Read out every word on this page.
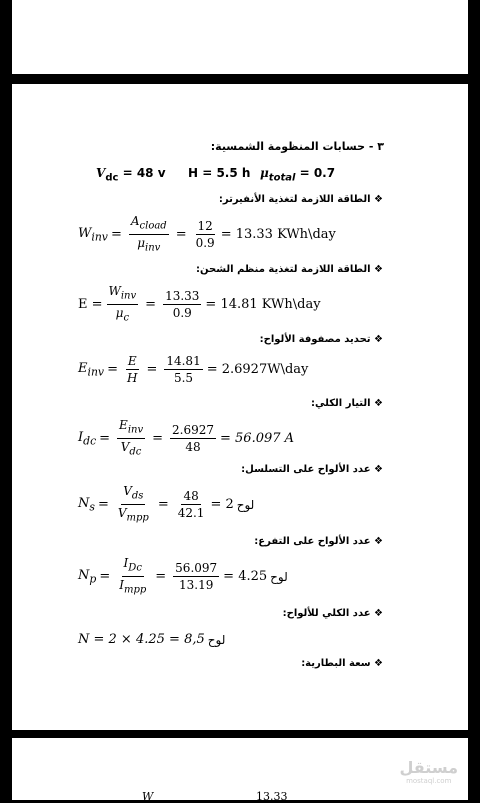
٣ - حسابات المنظومة الشمسية:
$V_{dc} = 48$ v H = 5.5 h $\mu_{total} = 0.7$
❖ الطاقة اللازمة لتغذية الأنفيرتر:
$W_{inv} = \frac{A_{cload}}{\mu_{inv}} = \frac{12}{0.9} = 13.33$ KWh\day
❖ الطاقة اللازمة لتغذية منظم الشحن:
$E = \frac{W_{inv}}{\mu_c} = \frac{13.33}{0.9} = 14.81$ KWh\day
❖ تحديد مصفوفة الألواح:
$E_{inv} = \frac{E}{H} = \frac{14.81}{5.5}$ = 2.6927W\day
❖ التيار الكلي:
$I_{dc} = \frac{E_{inv}}{V_{dc}} = \frac{2.6927}{48} = 56.097$ A
❖ عدد الألواح على التسلسل:
$N_s = \frac{V_{ds}}{V_{mpp}} = \frac{48}{42.1} = 2$ لوح
❖ عدد الألواح على التفرع:
$N_p = \frac{I_{Dc}}{I_{mpp}} = \frac{56.097}{13.19} = 4.25$ لوح
❖ عدد الكلي للألواح:
N = 2 × 4.25 = 8,5 لوح
❖ سعة البطارية:
مستقل
mostaql.com
W	13.33
